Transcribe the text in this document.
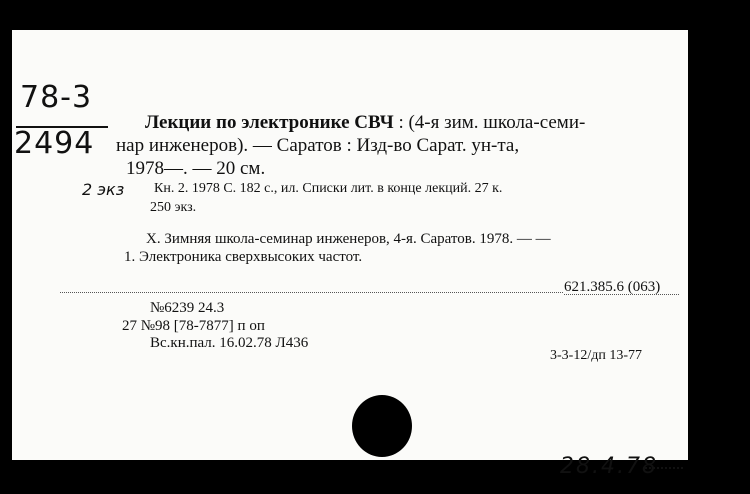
78-3
2494
2 экз
Лекции по электронике СВЧ : (4-я зим. школа-семи-
нар инженеров). — Саратов : Изд-во Сарат. ун-та,
1978—. — 20 см.
Кн. 2. 1978 С. 182 с., ил. Списки лит. в конце лекций. 27 к.
250 экз.
Х. Зимняя школа-семинар инженеров, 4-я. Саратов. 1978. — —
1. Электроника сверхвысоких частот.
621.385.6 (063)
№6239 24.3
27 №98 [78-7877] п оп
Вс.кн.пал. 16.02.78 Л436
3-3-12/дп 13-77
28.4.78
